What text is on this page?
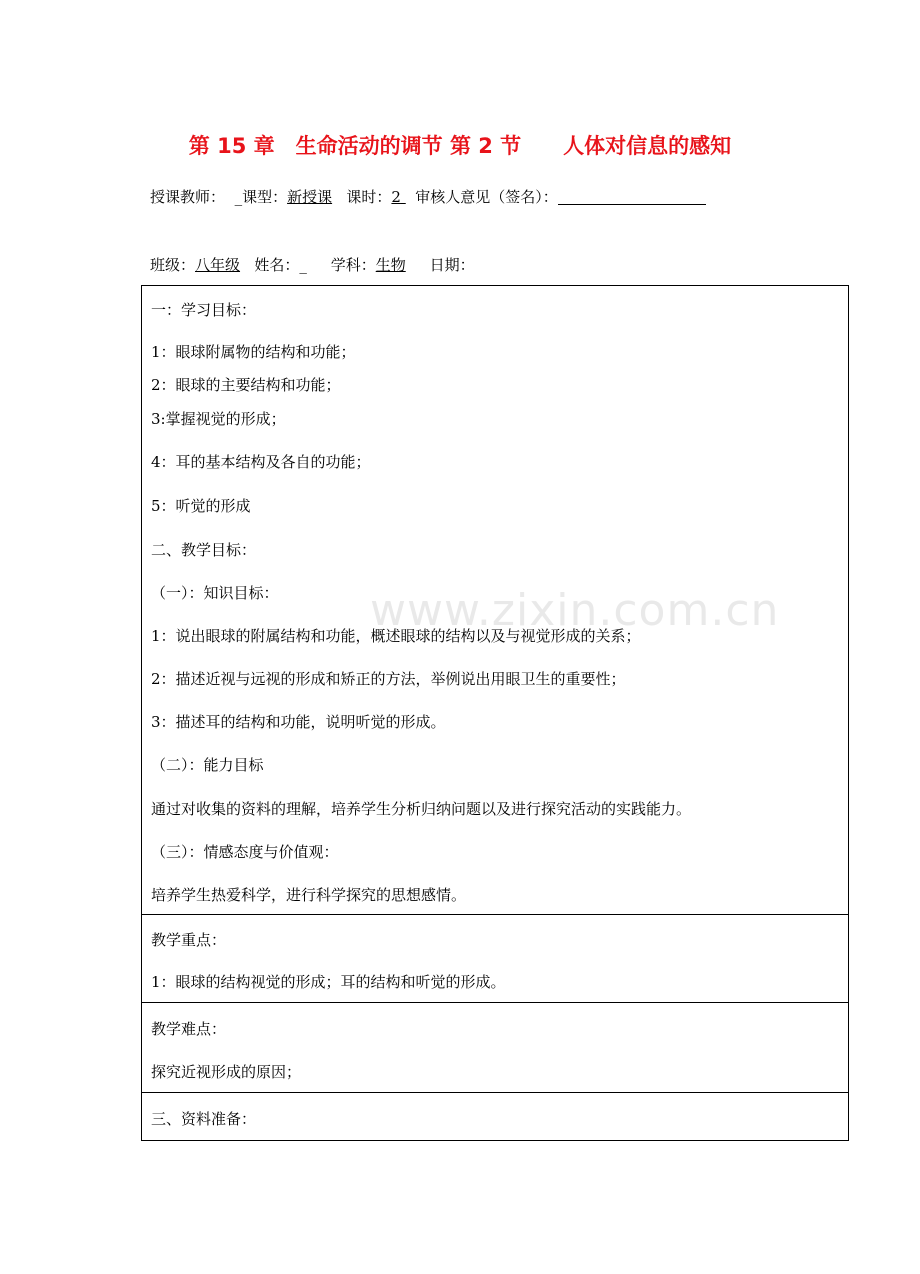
第 15 章　生命活动的调节 第 2 节　　人体对信息的感知
授课教师： _课型：新授课 课时：2 审核人意见（签名）：
班级：八年级 姓名：_ 学科：生物 日期：
www.zixin.com.cn
一：学习目标：
1：眼球附属物的结构和功能；
2：眼球的主要结构和功能；
3:掌握视觉的形成；
4：耳的基本结构及各自的功能；
5：听觉的形成
二、教学目标：
（一）：知识目标：
1：说出眼球的附属结构和功能，概述眼球的结构以及与视觉形成的关系；
2：描述近视与远视的形成和矫正的方法，举例说出用眼卫生的重要性；
3：描述耳的结构和功能，说明听觉的形成。
（二）：能力目标
通过对收集的资料的理解，培养学生分析归纳问题以及进行探究活动的实践能力。
（三）：情感态度与价值观：
培养学生热爱科学，进行科学探究的思想感情。
教学重点：
1：眼球的结构视觉的形成；耳的结构和听觉的形成。
教学难点：
探究近视形成的原因；
三、资料准备：
